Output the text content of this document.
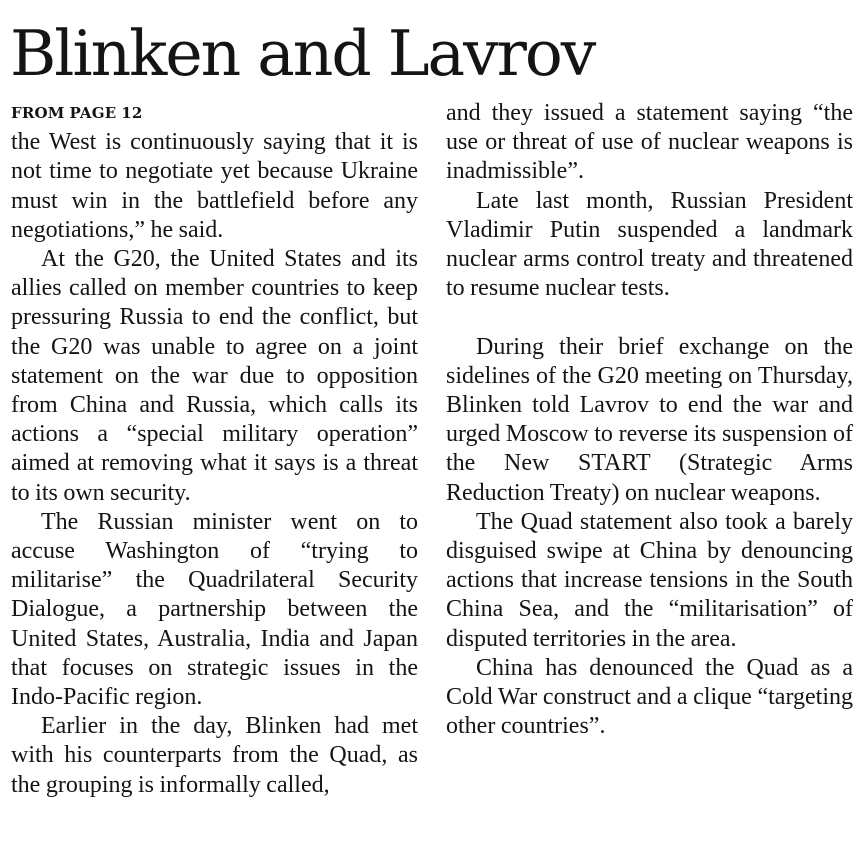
Blinken and Lavrov
FROM PAGE 12

the West is continuously saying that it is not time to negotiate yet because Ukraine must win in the battlefield before any negotiations,” he said.

At the G20, the United States and its allies called on member countries to keep pressuring Russia to end the conflict, but the G20 was unable to agree on a joint statement on the war due to opposition from China and Russia, which calls its actions a “special military operation” aimed at removing what it says is a threat to its own security.

The Russian minister went on to accuse Washington of “trying to militarise” the Quadrilateral Security Dialogue, a partnership between the United States, Australia, India and Japan that focuses on strategic issues in the Indo-Pacific region.

Earlier in the day, Blinken had met with his counterparts from the Quad, as the grouping is informally called,

and they issued a statement saying “the use or threat of use of nuclear weapons is inadmissible”.

Late last month, Russian President Vladimir Putin suspended a landmark nuclear arms control treaty and threatened to resume nuclear tests.

During their brief exchange on the sidelines of the G20 meeting on Thursday, Blinken told Lavrov to end the war and urged Moscow to reverse its suspension of the New START (Strategic Arms Reduction Treaty) on nuclear weapons.

The Quad statement also took a barely disguised swipe at China by denouncing actions that increase tensions in the South China Sea, and the “militarisation” of disputed territories in the area.

China has denounced the Quad as a Cold War construct and a clique “targeting other countries”.
